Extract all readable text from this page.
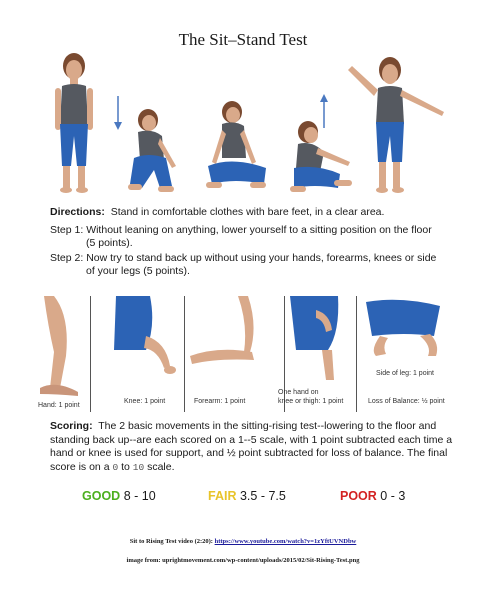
The Sit–Stand Test
Directions: Stand in comfortable clothes with bare feet, in a clear area.
Step 1: Without leaning on anything, lower yourself to a sitting position on the floor
(5 points).
Step 2: Now try to stand back up without using your hands, forearms, knees or side
of your legs (5 points).
Hand: 1 point
Knee: 1 point	Forearm: 1 point
One hand on
knee or thigh: 1 point
Side of leg: 1 point
Loss of Balance: ½ point
Scoring: The 2 basic movements in the sitting-rising test--lowering to the floor and standing back up--are each scored on a 1--5 scale, with 1 point subtracted each time a hand or knee is used for support, and ½ point subtracted for loss of balance. The final score is on a 0 to 10 scale.
GOOD 8 - 10	FAIR 3.5 - 7.5	POOR 0 - 3
Sit to Rising Test video (2:20): https://www.youtube.com/watch?v=1zYftUVNDbw
image from: uprightmovement.com/wp-content/uploads/2015/02/Sit-Rising-Test.png
